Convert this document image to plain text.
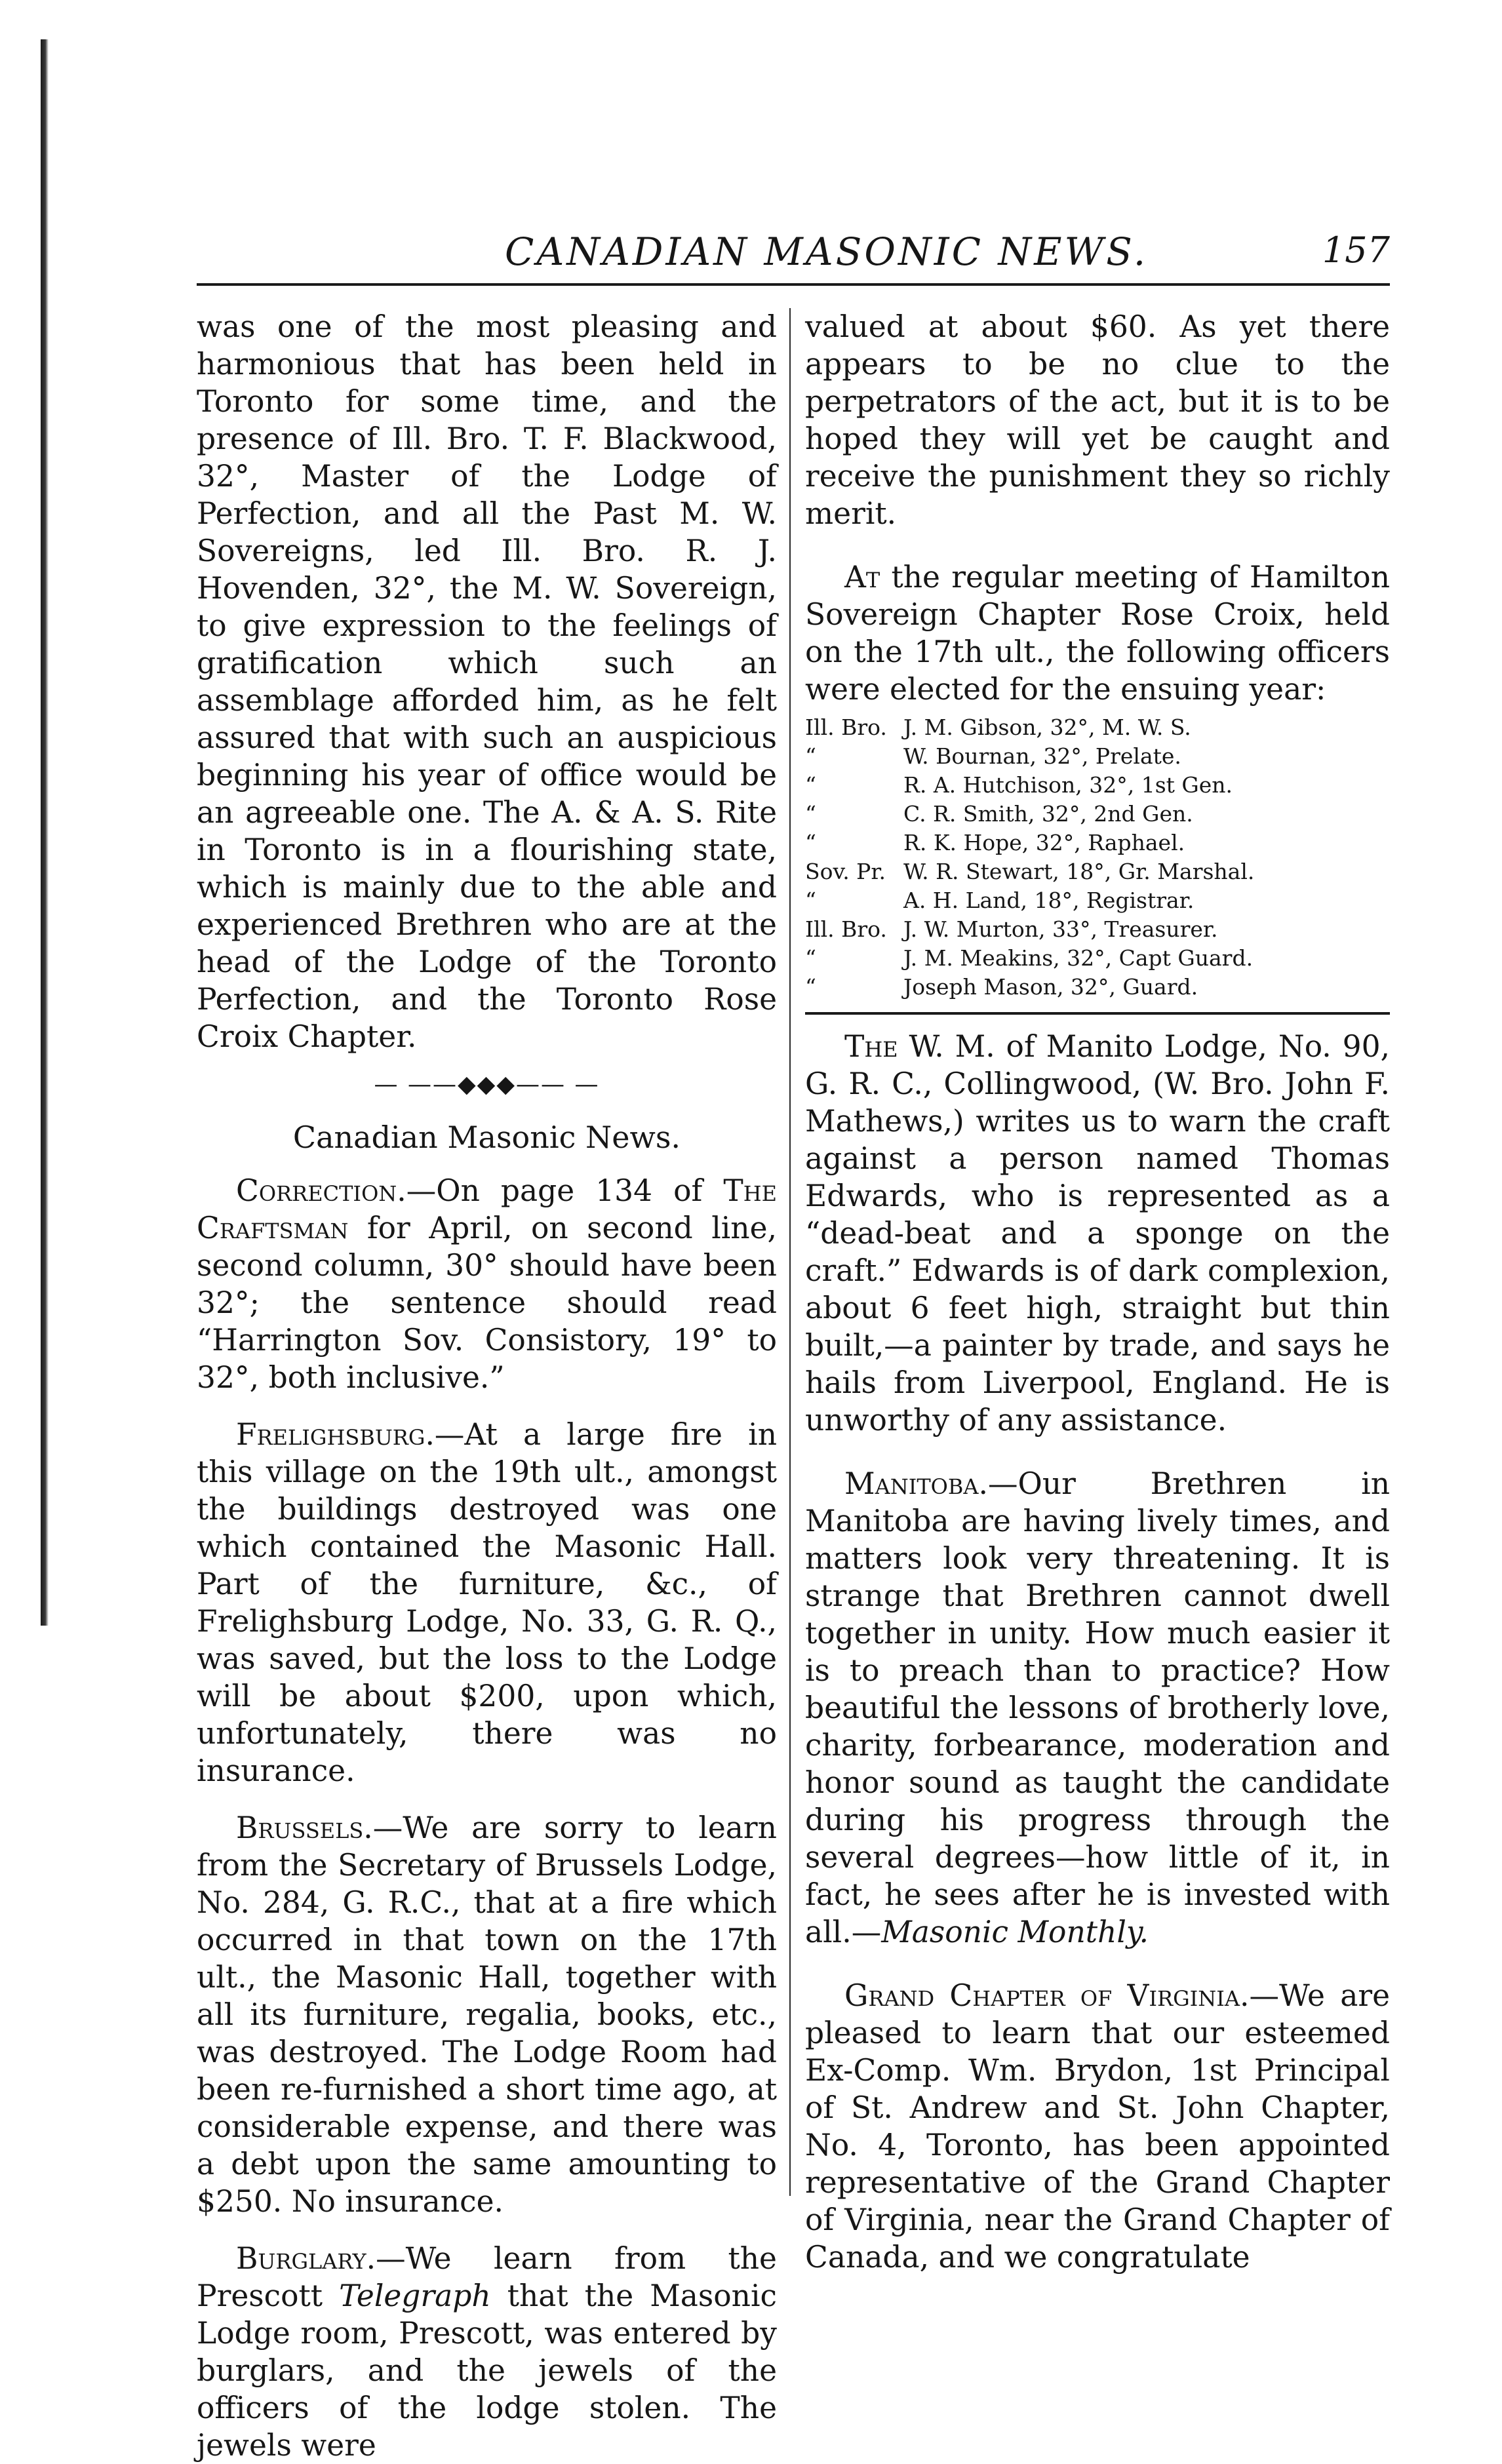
CANADIAN MASONIC NEWS.	157

was one of the most pleasing and harmonious that has been held in Toronto for some time, and the presence of Ill. Bro. T. F. Blackwood, 32°, Master of the Lodge of Perfection, and all the Past M. W. Sovereigns, led Ill. Bro. R. J. Hovenden, 32°, the M. W. Sovereign, to give expression to the feelings of gratification which such an assemblage afforded him, as he felt assured that with such an auspicious beginning his year of office would be an agreeable one. The A. & A. S. Rite in Toronto is in a flourishing state, which is mainly due to the able and experienced Brethren who are at the head of the Lodge of the Toronto Perfection, and the Toronto Rose Croix Chapter.

— ——◆◆◆—— —

Canadian Masonic News.

Correction.—On page 134 of The Craftsman for April, on second line, second column, 30° should have been 32°; the sentence should read “Harrington Sov. Consistory, 19° to 32°, both inclusive.”

Frelighsburg.—At a large fire in this village on the 19th ult., amongst the buildings destroyed was one which contained the Masonic Hall. Part of the furniture, &c., of Frelighsburg Lodge, No. 33, G. R. Q., was saved, but the loss to the Lodge will be about $200, upon which, unfortunately, there was no insurance.

Brussels.—We are sorry to learn from the Secretary of Brussels Lodge, No. 284, G. R.C., that at a fire which occurred in that town on the 17th ult., the Masonic Hall, together with all its furniture, regalia, books, etc., was destroyed. The Lodge Room had been re-furnished a short time ago, at considerable expense, and there was a debt upon the same amounting to $250. No insurance.

Burglary.—We learn from the Prescott Telegraph that the Masonic Lodge room, Prescott, was entered by burglars, and the jewels of the officers of the lodge stolen. The jewels were

valued at about $60. As yet there appears to be no clue to the perpetrators of the act, but it is to be hoped they will yet be caught and receive the punishment they so richly merit.

At the regular meeting of Hamilton Sovereign Chapter Rose Croix, held on the 17th ult., the following officers were elected for the ensuing year:

Ill. Bro. J. M. Gibson, 32°, M. W. S.
“	W. Bournan, 32°, Prelate.
“	R. A. Hutchison, 32°, 1st Gen.
“	C. R. Smith, 32°, 2nd Gen.
“	R. K. Hope, 32°, Raphael.
Sov. Pr. W. R. Stewart, 18°, Gr. Marshal.
“	A. H. Land, 18°, Registrar.
Ill. Bro. J. W. Murton, 33°, Treasurer.
“	J. M. Meakins, 32°, Capt Guard.
“	Joseph Mason, 32°, Guard.

The W. M. of Manito Lodge, No. 90, G. R. C., Collingwood, (W. Bro. John F. Mathews,) writes us to warn the craft against a person named Thomas Edwards, who is represented as a “dead-beat and a sponge on the craft.” Edwards is of dark complexion, about 6 feet high, straight but thin built,—a painter by trade, and says he hails from Liverpool, England. He is unworthy of any assistance.

Manitoba.—Our Brethren in Manitoba are having lively times, and matters look very threatening. It is strange that Brethren cannot dwell together in unity. How much easier it is to preach than to practice? How beautiful the lessons of brotherly love, charity, forbearance, moderation and honor sound as taught the candidate during his progress through the several degrees—how little of it, in fact, he sees after he is invested with all.—Masonic Monthly.

Grand Chapter of Virginia.—We are pleased to learn that our esteemed Ex-Comp. Wm. Brydon, 1st Principal of St. Andrew and St. John Chapter, No. 4, Toronto, has been appointed representative of the Grand Chapter of Virginia, near the Grand Chapter of Canada, and we congratulate
